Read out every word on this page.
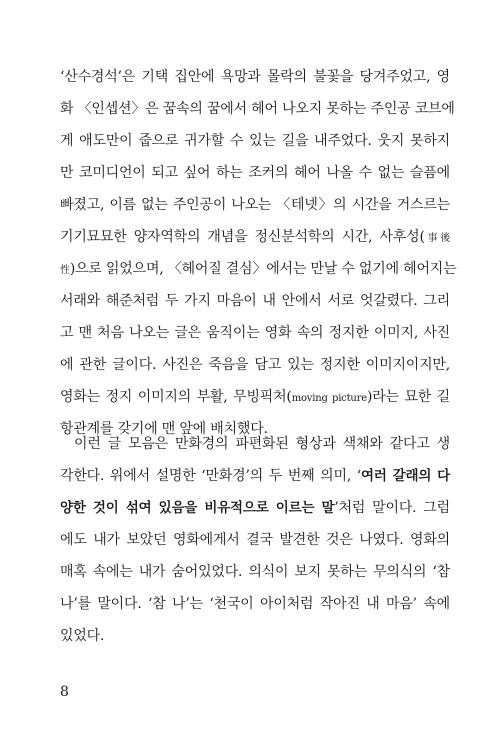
‘산수경석’은 기택 집안에 욕망과 몰락의 불꽃을 당겨주었고, 영
화 〈인셉션〉은 꿈속의 꿈에서 헤어 나오지 못하는 주인공 코브에
게 애도만이 줍으로 귀가할 수 있는 길을 내주었다. 웃지 못하지
만 코미디언이 되고 싶어 하는 조커의 헤어 나올 수 없는 슬픔에
빠졌고, 이름 없는 주인공이 나오는 〈테넷〉의 시간을 거스르는
기기묘묘한 양자역학의 개념을 정신분석학의 시간, 사후성(事後
性)으로 읽었으며, 〈헤어질 결심〉에서는 만날 수 없기에 헤어지는
서래와 해준처럼 두 가지 마음이 내 안에서 서로 엇갈렸다. 그리
고 맨 처음 나오는 글은 움직이는 영화 속의 정지한 이미지, 사진
에 관한 글이다. 사진은 죽음을 담고 있는 정지한 이미지이지만,
영화는 정지 이미지의 부활, 무빙픽처(moving picture)라는 묘한 길
항관계를 갖기에 맨 앞에 배치했다.
이런 글 모음은 만화경의 파편화된 형상과 색채와 같다고 생
각한다. 위에서 설명한 ‘만화경’의 두 번째 의미, ‘여러 갈래의 다
양한 것이 섞여 있음을 비유적으로 이르는 말’처럼 말이다. 그럼
에도 내가 보았던 영화에게서 결국 발견한 것은 나였다. 영화의
매혹 속에는 내가 숨어있었다. 의식이 보지 못하는 무의식의 ‘참
나’를 말이다. ‘참 나’는 ‘천국이 아이처럼 작아진 내 마음’ 속에
있었다.
8
